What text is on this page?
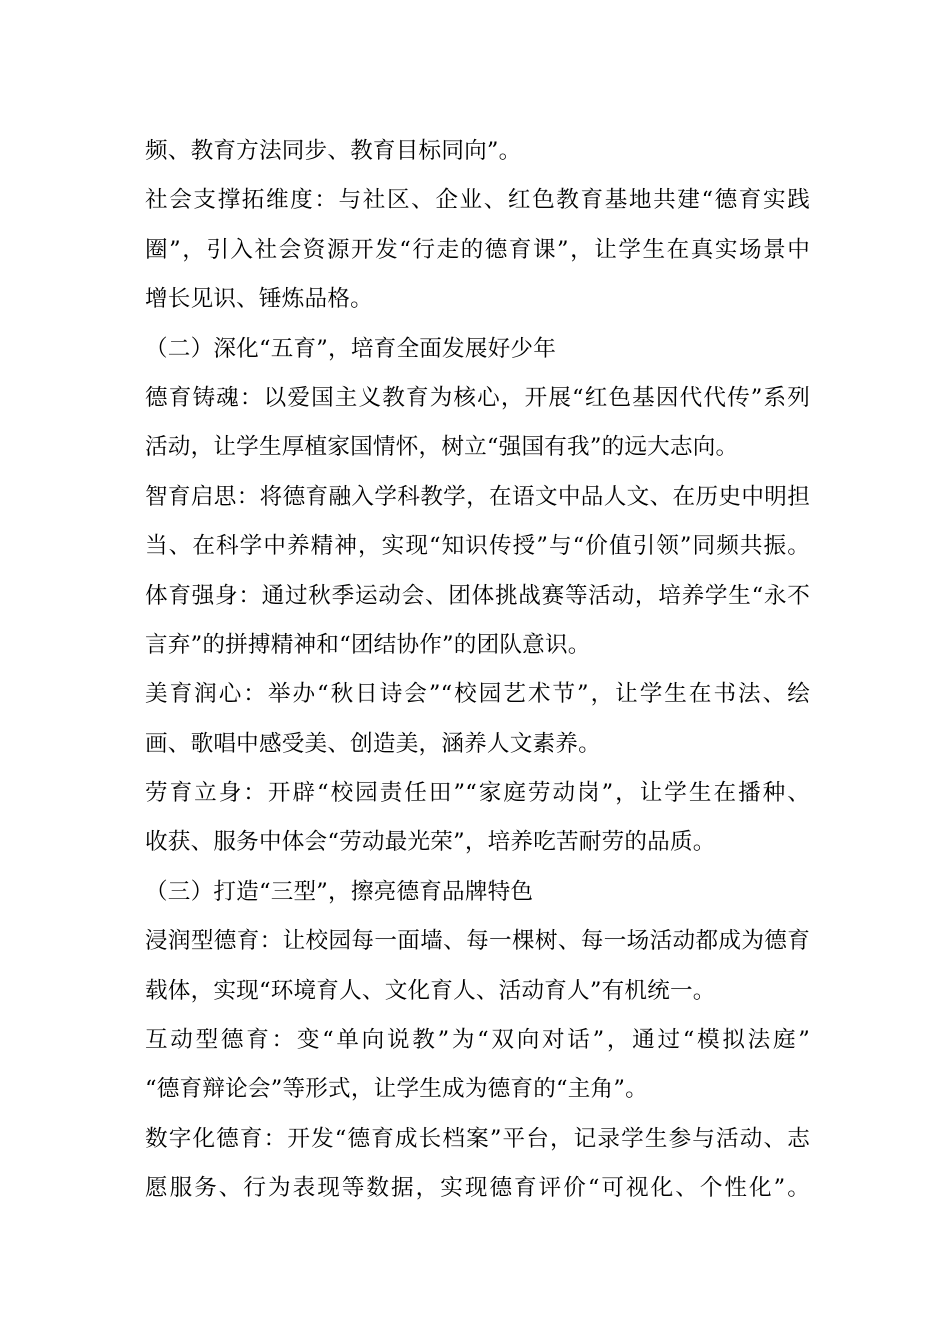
频、教育方法同步、教育目标同向”。
社会支撑拓维度：与社区、企业、红色教育基地共建“德育实践
圈”，引入社会资源开发“行走的德育课”，让学生在真实场景中
增长见识、锤炼品格。
（二）深化“五育”，培育全面发展好少年
德育铸魂：以爱国主义教育为核心，开展“红色基因代代传”系列
活动，让学生厚植家国情怀，树立“强国有我”的远大志向。
智育启思：将德育融入学科教学，在语文中品人文、在历史中明担
当、在科学中养精神，实现“知识传授”与“价值引领”同频共振。
体育强身：通过秋季运动会、团体挑战赛等活动，培养学生“永不
言弃”的拼搏精神和“团结协作”的团队意识。
美育润心：举办“秋日诗会”“校园艺术节”，让学生在书法、绘
画、歌唱中感受美、创造美，涵养人文素养。
劳育立身：开辟“校园责任田”“家庭劳动岗”，让学生在播种、
收获、服务中体会“劳动最光荣”，培养吃苦耐劳的品质。
（三）打造“三型”，擦亮德育品牌特色
浸润型德育：让校园每一面墙、每一棵树、每一场活动都成为德育
载体，实现“环境育人、文化育人、活动育人”有机统一。
互动型德育：变“单向说教”为“双向对话”，通过“模拟法庭”
“德育辩论会”等形式，让学生成为德育的“主角”。
数字化德育：开发“德育成长档案”平台，记录学生参与活动、志
愿服务、行为表现等数据，实现德育评价“可视化、个性化”。
